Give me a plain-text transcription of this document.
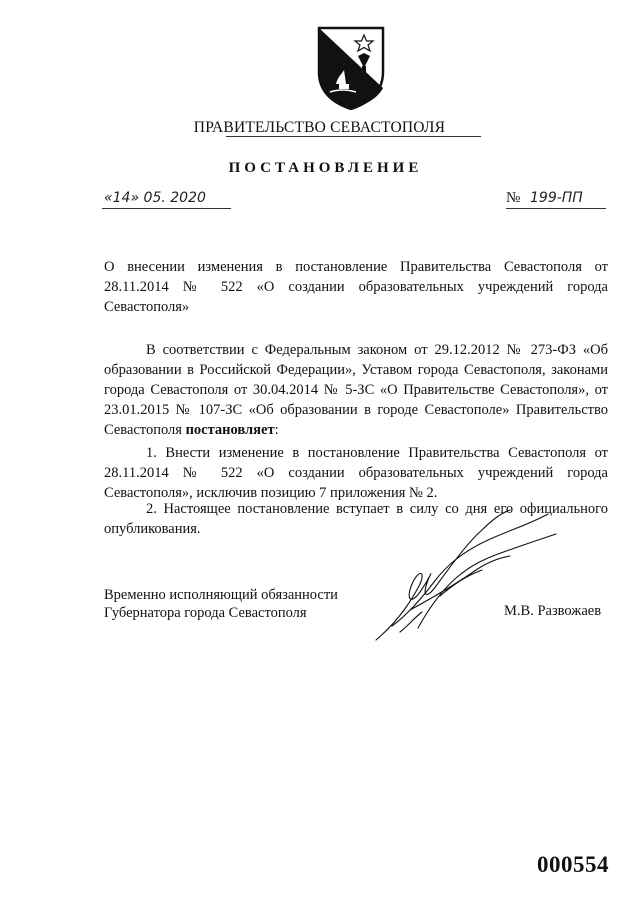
ПРАВИТЕЛЬСТВО СЕВАСТОПОЛЯ
ПОСТАНОВЛЕНИЕ
«14» 05. 2020	№ 199-ПП
О внесении изменения в постановление Правительства Севастополя от 28.11.2014 № 522 «О создании образовательных учреждений города Севастополя»
В соответствии с Федеральным законом от 29.12.2012 № 273-ФЗ «Об образовании в Российской Федерации», Уставом города Севастополя, законами города Севастополя от 30.04.2014 № 5-ЗС «О Правительстве Севастополя», от 23.01.2015 № 107-ЗС «Об образовании в городе Севастополе» Правительство Севастополя постановляет:
1. Внести изменение в постановление Правительства Севастополя от 28.11.2014 № 522 «О создании образовательных учреждений города Севастополя», исключив позицию 7 приложения № 2.
2. Настоящее постановление вступает в силу со дня его официального опубликования.
Временно исполняющий обязанности
Губернатора города Севастополя	М.В. Развожаев
000554
